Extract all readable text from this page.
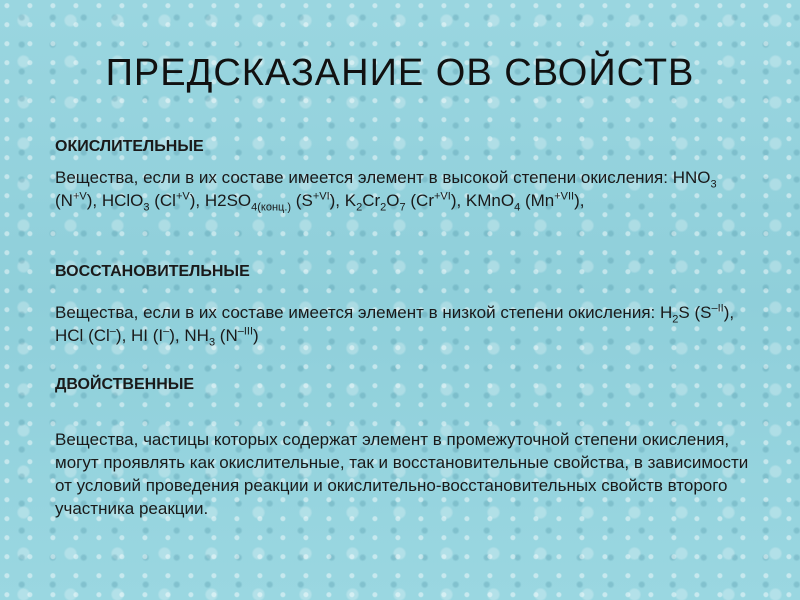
ПРЕДСКАЗАНИЕ ОВ СВОЙСТВ
ОКИСЛИТЕЛЬНЫЕ
Вещества, если в их составе имеется элемент в высокой степени окисления: $HNO_3$ $(N^{+V})$, HClO$_3$ $(Cl^{+V})$, $H2SO_{4(конц.)}$ $(S^{+VI})$, $K_2Cr_2O_7$ $(Cr^{+VI})$, KMnO$_4$ $(Mn^{+VII})$,
ВОССТАНОВИТЕЛЬНЫЕ
Вещества, если в их составе имеется элемент в низкой степени окисления: $H_2S$ $(S^{-II})$, HCl (Cl–), HI (I–), $NH_3$ $(N^{-III})$
ДВОЙСТВЕННЫЕ
Вещества, частицы которых содержат элемент в промежуточной степени окисления, могут проявлять как окислительные, так и восстановительные свойства, в зависимости от условий проведения реакции и окислительно-восстановительных свойств второго участника реакции.
